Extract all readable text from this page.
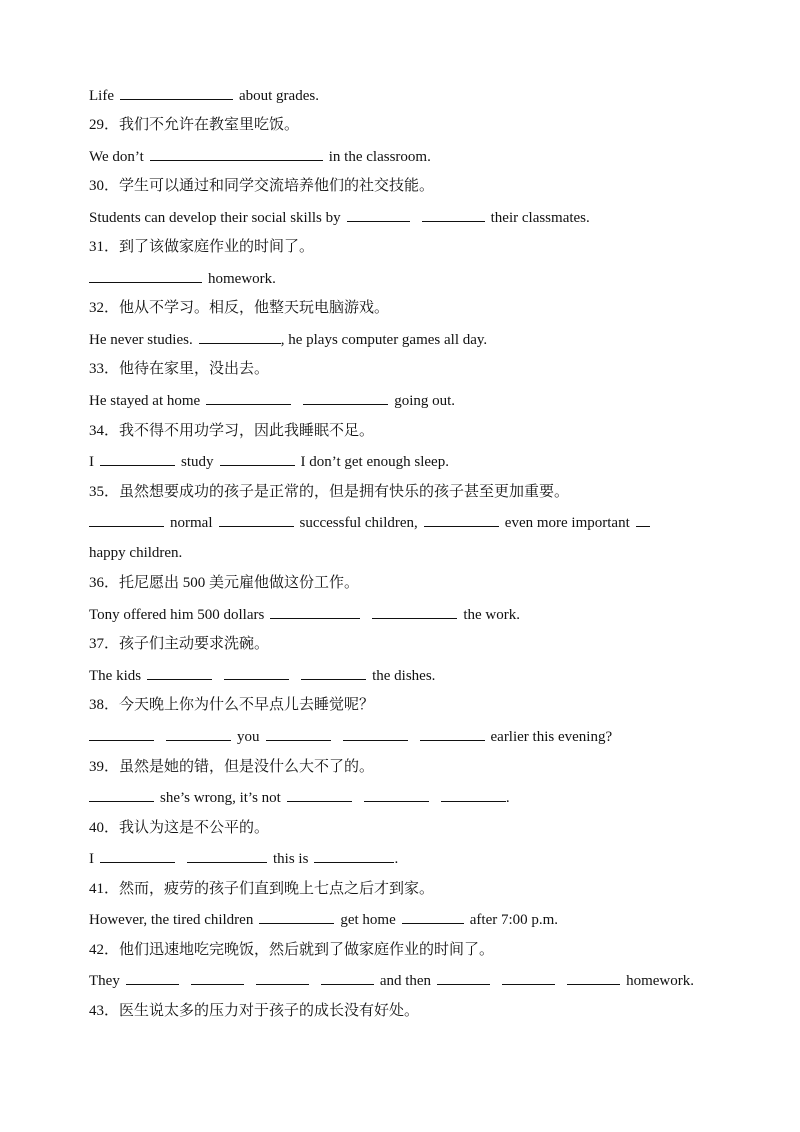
Life	about grades.
29．我们不允许在教室里吃饭。
We don’t	in the classroom.
30．学生可以通过和同学交流培养他们的社交技能。
Students can develop their social skills by	their classmates.
31．到了该做家庭作业的时间了。
homework.
32．他从不学习。相反，他整天玩电脑游戏。
He never studies.	, he plays computer games all day.
33．他待在家里，没出去。
He stayed at home	going out.
34．我不得不用功学习，因此我睡眠不足。
I	study	I don’t get enough sleep.
35．虽然想要成功的孩子是正常的，但是拥有快乐的孩子甚至更加重要。
normal	successful children,	even more important
happy children.
36．托尼愿出 500 美元雇他做这份工作。
Tony offered him 500 dollars	the work.
37．孩子们主动要求洗碗。
The kids	the dishes.
38．今天晚上你为什么不早点儿去睡觉呢？
you	earlier this evening?
39．虽然是她的错，但是没什么大不了的。
she’s wrong, it’s not	.
40．我认为这是不公平的。
I	this is	.
41．然而，疲劳的孩子们直到晚上七点之后才到家。
However, the tired children	get home	after 7:00 p.m.
42．他们迅速地吃完晚饭，然后就到了做家庭作业的时间了。
They	and then	homework.
43．医生说太多的压力对于孩子的成长没有好处。
